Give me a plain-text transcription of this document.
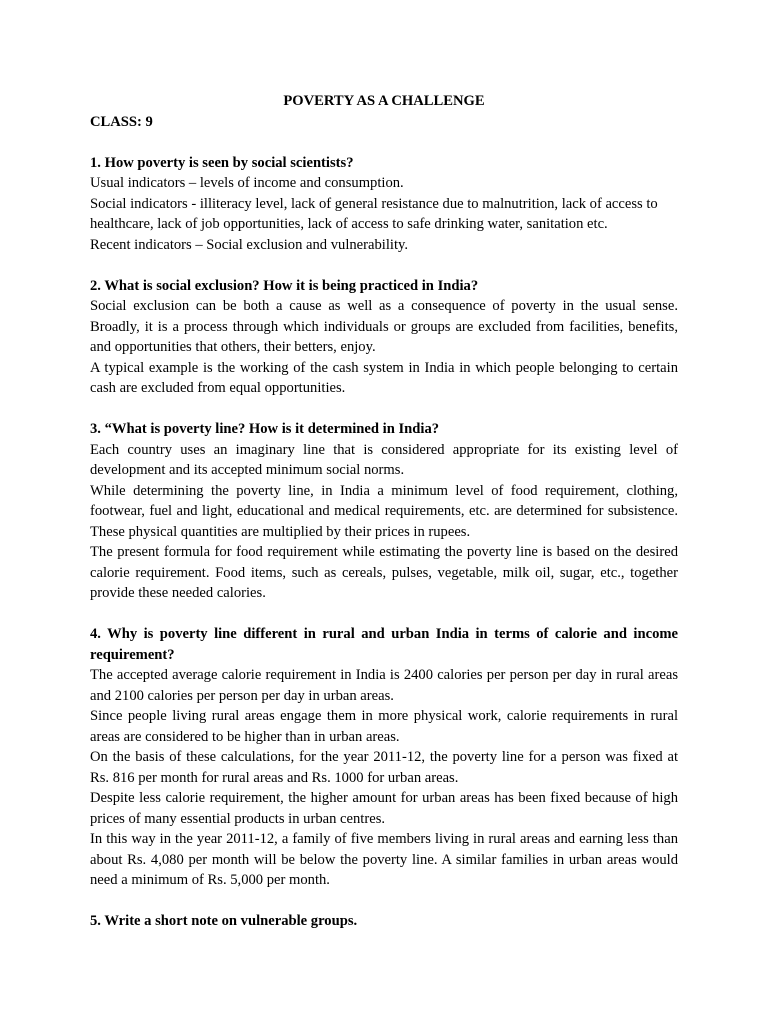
POVERTY AS A CHALLENGE

CLASS: 9

1. How poverty is seen by social scientists?

Usual indicators – levels of income and consumption.

Social indicators - illiteracy level, lack of general resistance due to malnutrition, lack of access to healthcare, lack of job opportunities, lack of access to safe drinking water, sanitation etc.

Recent indicators – Social exclusion and vulnerability.

2. What is social exclusion? How it is being practiced in India?

Social exclusion can be both a cause as well as a consequence of poverty in the usual sense. Broadly, it is a process through which individuals or groups are excluded from facilities, benefits, and opportunities that others, their betters, enjoy.

A typical example is the working of the cash system in India in which people belonging to certain cash are excluded from equal opportunities.

3. “What is poverty line? How is it determined in India?

Each country uses an imaginary line that is considered appropriate for its existing level of development and its accepted minimum social norms.

While determining the poverty line, in India a minimum level of food requirement, clothing, footwear, fuel and light, educational and medical requirements, etc. are determined for subsistence. These physical quantities are multiplied by their prices in rupees.

The present formula for food requirement while estimating the poverty line is based on the desired calorie requirement. Food items, such as cereals, pulses, vegetable, milk oil, sugar, etc., together provide these needed calories.

4. Why is poverty line different in rural and urban India in terms of calorie and income requirement?

The accepted average calorie requirement in India is 2400 calories per person per day in rural areas and 2100 calories per person per day in urban areas.

Since people living rural areas engage them in more physical work, calorie requirements in rural areas are considered to be higher than in urban areas.

On the basis of these calculations, for the year 2011-12, the poverty line for a person was fixed at Rs. 816 per month for rural areas and Rs. 1000 for urban areas.

Despite less calorie requirement, the higher amount for urban areas has been fixed because of high prices of many essential products in urban centres.

In this way in the year 2011-12, a family of five members living in rural areas and earning less than about Rs. 4,080 per month will be below the poverty line. A similar families in urban areas would need a minimum of Rs. 5,000 per month.

5. Write a short note on vulnerable groups.
